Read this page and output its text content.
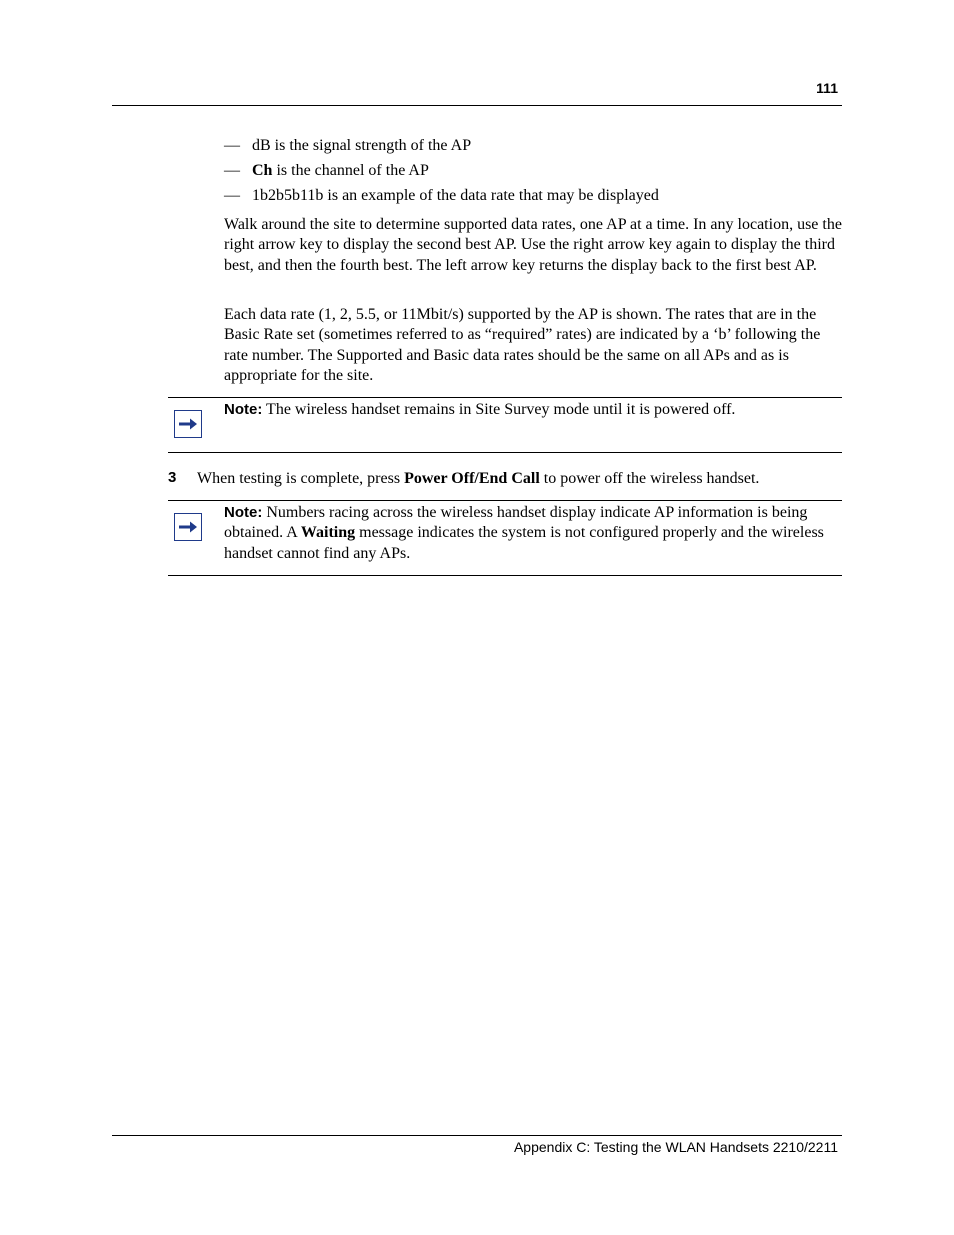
111
— dB is the signal strength of the AP
— Ch is the channel of the AP
— 1b2b5b11b is an example of the data rate that may be displayed
Walk around the site to determine supported data rates, one AP at a time. In any location, use the right arrow key to display the second best AP. Use the right arrow key again to display the third best, and then the fourth best. The left arrow key returns the display back to the first best AP.
Each data rate (1, 2, 5.5, or 11Mbit/s) supported by the AP is shown. The rates that are in the Basic Rate set (sometimes referred to as “required” rates) are indicated by a ‘b’ following the rate number. The Supported and Basic data rates should be the same on all APs and as is appropriate for the site.
Note: The wireless handset remains in Site Survey mode until it is powered off.
3 When testing is complete, press Power Off/End Call to power off the wireless handset.
Note: Numbers racing across the wireless handset display indicate AP information is being obtained. A Waiting message indicates the system is not configured properly and the wireless handset cannot find any APs.
Appendix C: Testing the WLAN Handsets 2210/2211
